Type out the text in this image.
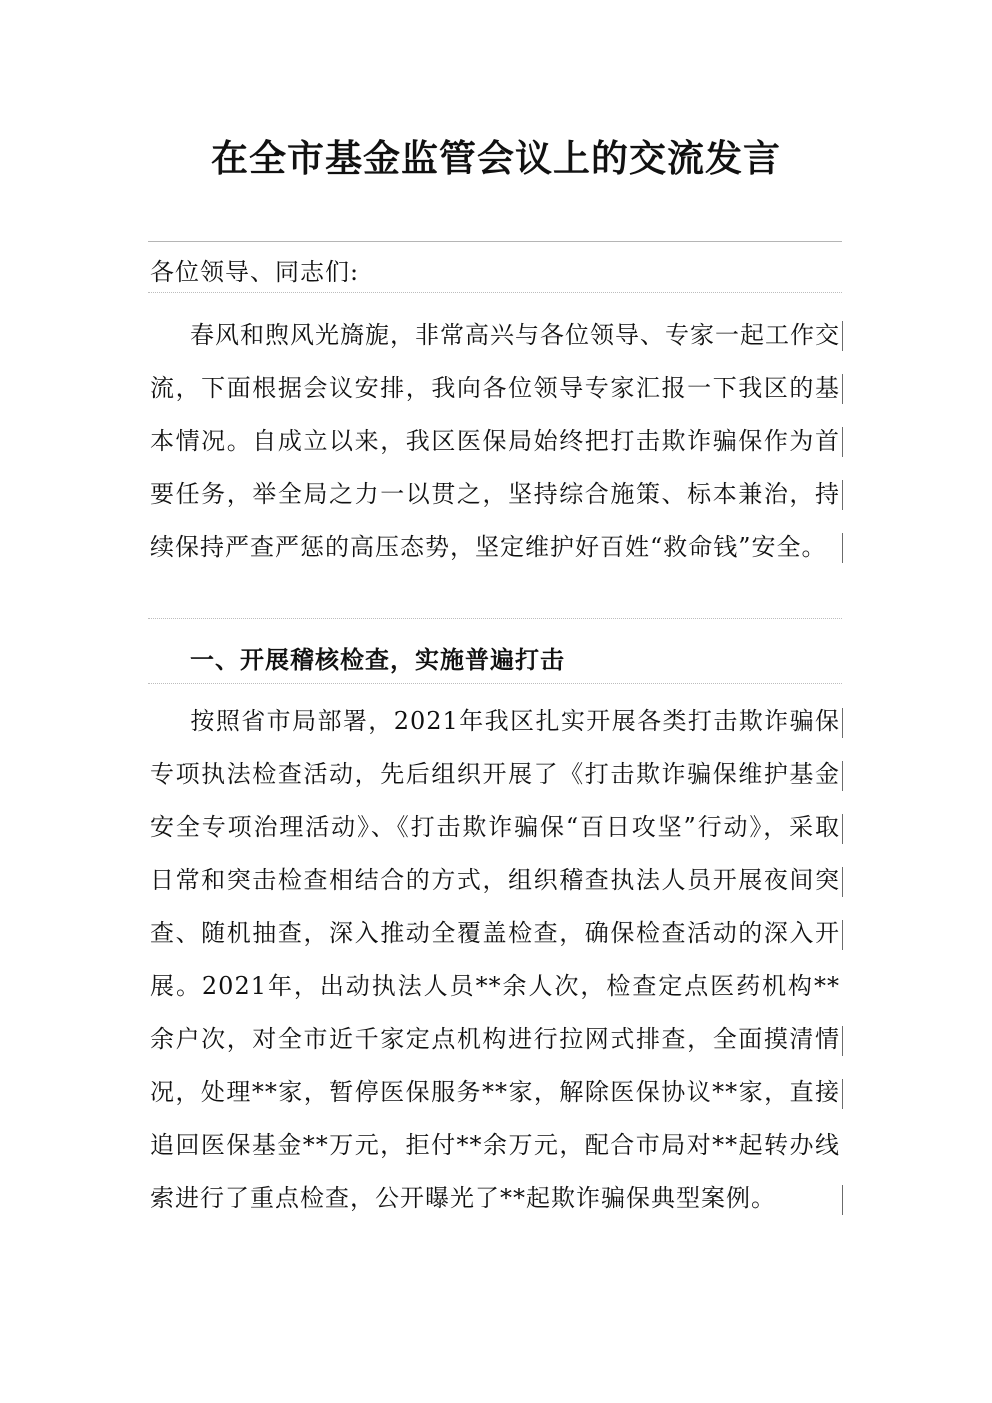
在全市基金监管会议上的交流发言
各位领导、同志们:
春风和煦风光旖旎，非常高兴与各位领导、专家一起工作交流，下面根据会议安排，我向各位领导专家汇报一下我区的基本情况。自成立以来，我区医保局始终把打击欺诈骗保作为首要任务，举全局之力一以贯之，坚持综合施策、标本兼治，持续保持严查严惩的高压态势，坚定维护好百姓“救命钱”安全。
一、开展稽核检查，实施普遍打击
按照省市局部署，2021年我区扎实开展各类打击欺诈骗保专项执法检查活动，先后组织开展了《打击欺诈骗保维护基金安全专项治理活动》、《打击欺诈骗保“百日攻坚”行动》，采取日常和突击检查相结合的方式，组织稽查执法人员开展夜间突查、随机抽查，深入推动全覆盖检查，确保检查活动的深入开展。2021年，出动执法人员**余人次，检查定点医药机构**余户次，对全市近千家定点机构进行拉网式排查，全面摸清情况，处理**家，暂停医保服务**家，解除医保协议**家，直接追回医保基金**万元，拒付**余万元，配合市局对**起转办线索进行了重点检查，公开曝光了**起欺诈骗保典型案例。
